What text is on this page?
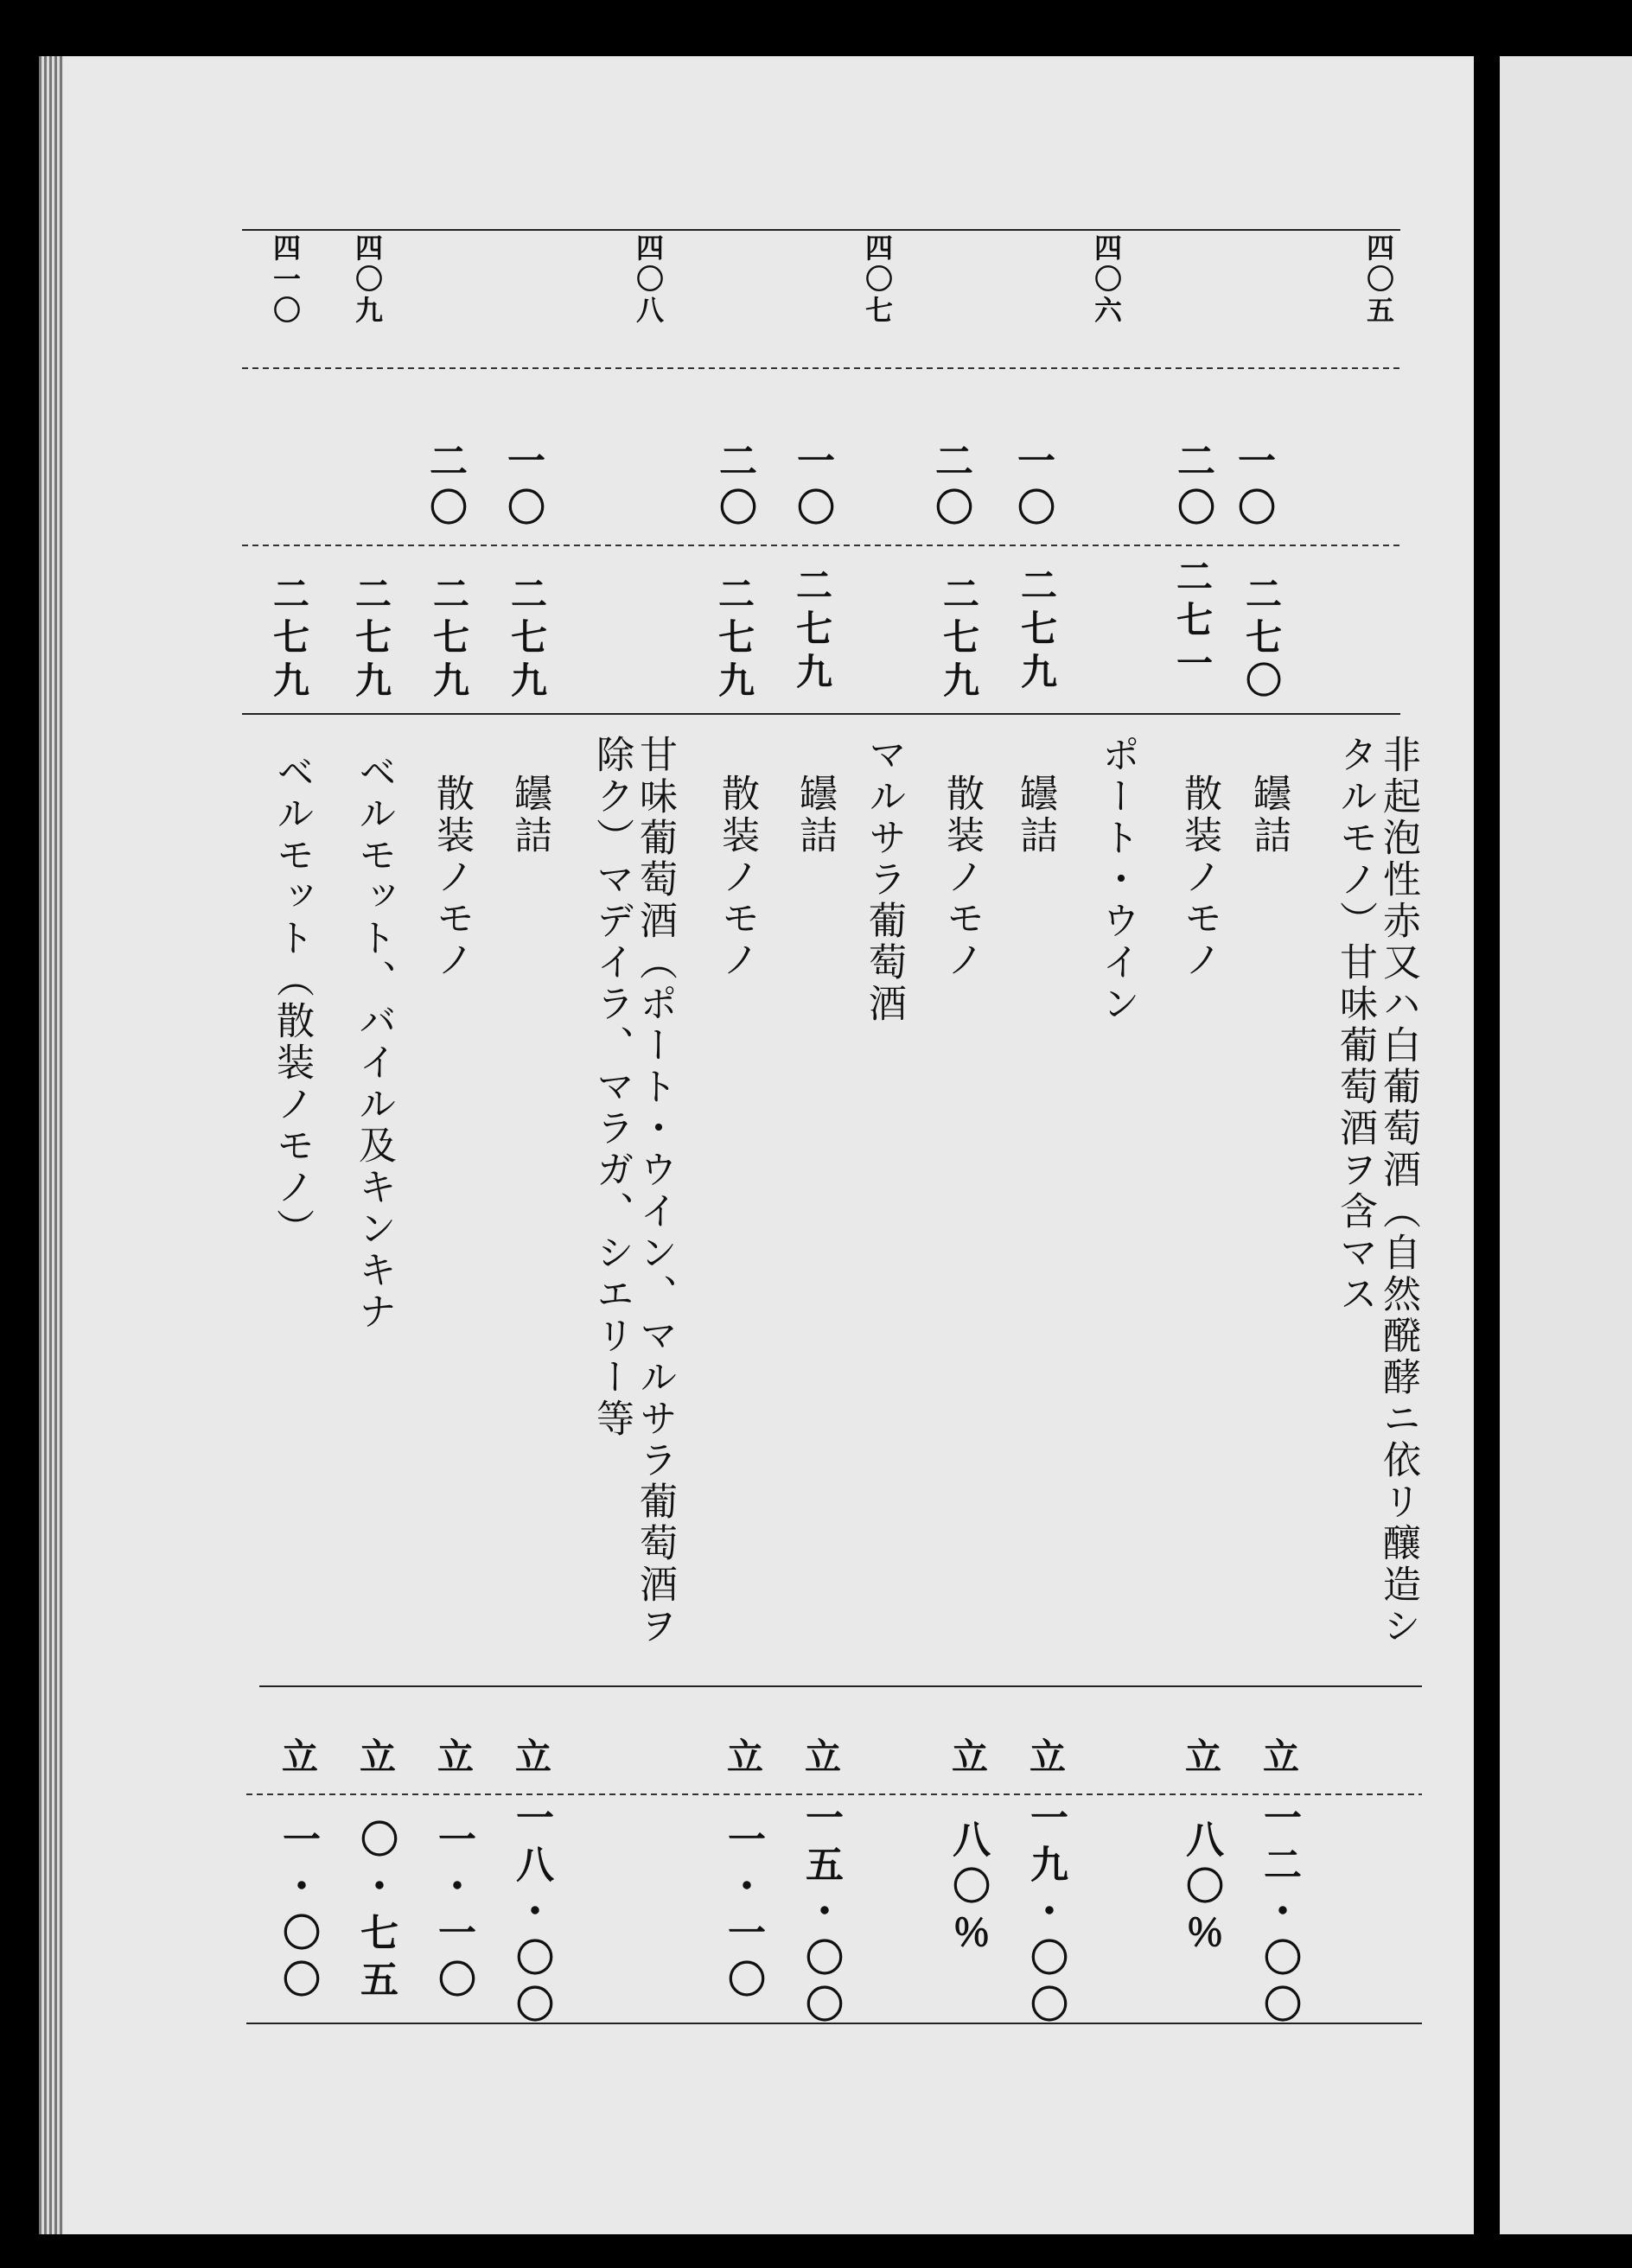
四〇五
四〇六
四〇七
四〇八
四〇九
四一〇
一〇
二〇
一〇
二〇
一〇
二〇
一〇
二〇
二七〇
二七一
二七九
二七九
二七九
二七九
二七九
二七九
二七九
二七九
非起泡性赤又ハ白葡萄酒（自然醗酵ニ依リ釀造シ
タルモノ）甘味葡萄酒ヲ含マス
罎詰
散装ノモノ
ポート・ウイン
罎詰
散装ノモノ
マルサラ葡萄酒
罎詰
散装ノモノ
甘味葡萄酒（ポート・ウイン、マルサラ葡萄酒ヲ
除ク）マデイラ、マラガ、シエリー等
罎詰
散装ノモノ
ベルモット、バイル及キンキナ
ベルモット（散装ノモノ）
立
立
立
立
立
立
立
立
立
立
一二・〇〇
八〇％
一九・〇〇
八〇％
一五・〇〇
一・一〇
一八・〇〇
一・一〇
〇・七五
一・〇〇
